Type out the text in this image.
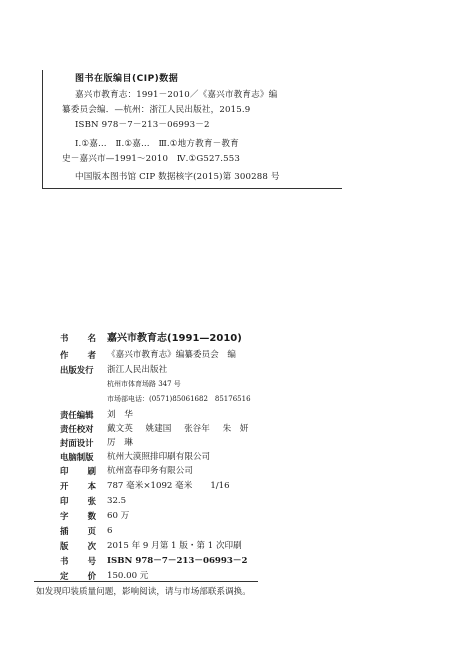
图书在版编目(CIP)数据
嘉兴市教育志：1991－2010／《嘉兴市教育志》编
纂委员会编．—杭州：浙江人民出版社，2015.9
ISBN 978－7－213－06993－2
Ⅰ.①嘉…　Ⅱ.①嘉…　Ⅲ.①地方教育－教育
史－嘉兴市—1991～2010　Ⅳ.①G527.553
中国版本图书馆 CIP 数据核字(2015)第 300288 号
书 名 嘉兴市教育志(1991—2010)
作 者 《嘉兴市教育志》编纂委员会　编
出版发行 浙江人民出版社
杭州市体育场路 347 号
市场部电话：(0571)85061682　85176516
责任编辑 刘　华
责任校对 戴文英 姚建国 张谷年 朱　妍
封面设计 厉　琳
电脑制版 杭州大漠照排印刷有限公司
印 刷 杭州富春印务有限公司
开 本 787 毫米×1092 毫米 1/16
印 张 32.5
字 数 60 万
插 页 6
版 次 2015 年 9 月第 1 版・第 1 次印刷
书 号 ISBN 978－7－213－06993－2
定 价 150.00 元
如发现印装质量问题，影响阅读，请与市场部联系调换。
